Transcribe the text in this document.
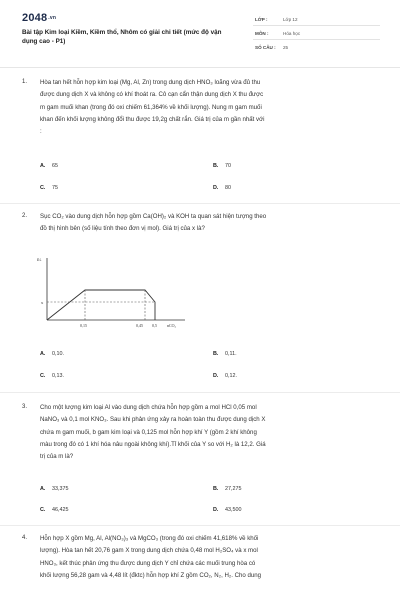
2048.vn
Bài tập Kim loại Kiềm, Kiềm thổ, Nhôm có giải chi tiết (mức độ vận dụng cao - P1)
LỚP :	Lớp 12
MÔN :	Hóa học
SỐ CÂU : 25
1. Hòa tan hết hỗn hợp kim loại (Mg, Al, Zn) trong dung dịch HNO₃ loãng vừa đủ thu
được dung dịch X và không có khí thoát ra. Cô cạn cẩn thận dung dịch X thu được
m gam muối khan (trong đó oxi chiếm 61,364% về khối lượng). Nung m gam muối
khan đến khối lượng không đổi thu được 19,2g chất rắn. Giá trị của m gần nhất với
:
A. 65	B. 70
C. 75	D. 80
2. Sục CO₂ vào dung dịch hỗn hợp gồm Ca(OH)₂ và KOH ta quan sát hiện tượng theo
đồ thị hình bên (số liệu tính theo đơn vị mol). Giá trị của x là?
n↓
x
0,15	0,45 0,5	nCO₂
A. 0,10.	B. 0,11.
C. 0,13.	D. 0,12.
3. Cho một lượng kim loại Al vào dung dịch chứa hỗn hợp gồm a mol HCl 0,05 mol
NaNO₃ và 0,1 mol KNO₃. Sau khi phản ứng xảy ra hoàn toàn thu được dung dịch X
chứa m gam muối, b gam kim loại và 0,125 mol hỗn hợp khí Y (gồm 2 khí không
màu trong đó có 1 khí hóa nâu ngoài không khí).Tỉ khối của Y so với H₂ là 12,2. Giá
trị của m là?
A. 33,375	B. 27,275
C. 46,425	D. 43,500
4. Hỗn hợp X gồm Mg, Al, Al(NO₃)₃ và MgCO₃ (trong đó oxi chiếm 41,618% về khối
lượng). Hòa tan hết 20,76 gam X trong dung dịch chứa 0,48 mol H₂SO₄ và x mol
HNO₃, kết thúc phản ứng thu được dung dịch Y chỉ chứa các muối trung hòa có
khối lượng 56,28 gam và 4,48 lít (đktc) hỗn hợp khí Z gồm CO₂, N₂, H₂. Cho dung
